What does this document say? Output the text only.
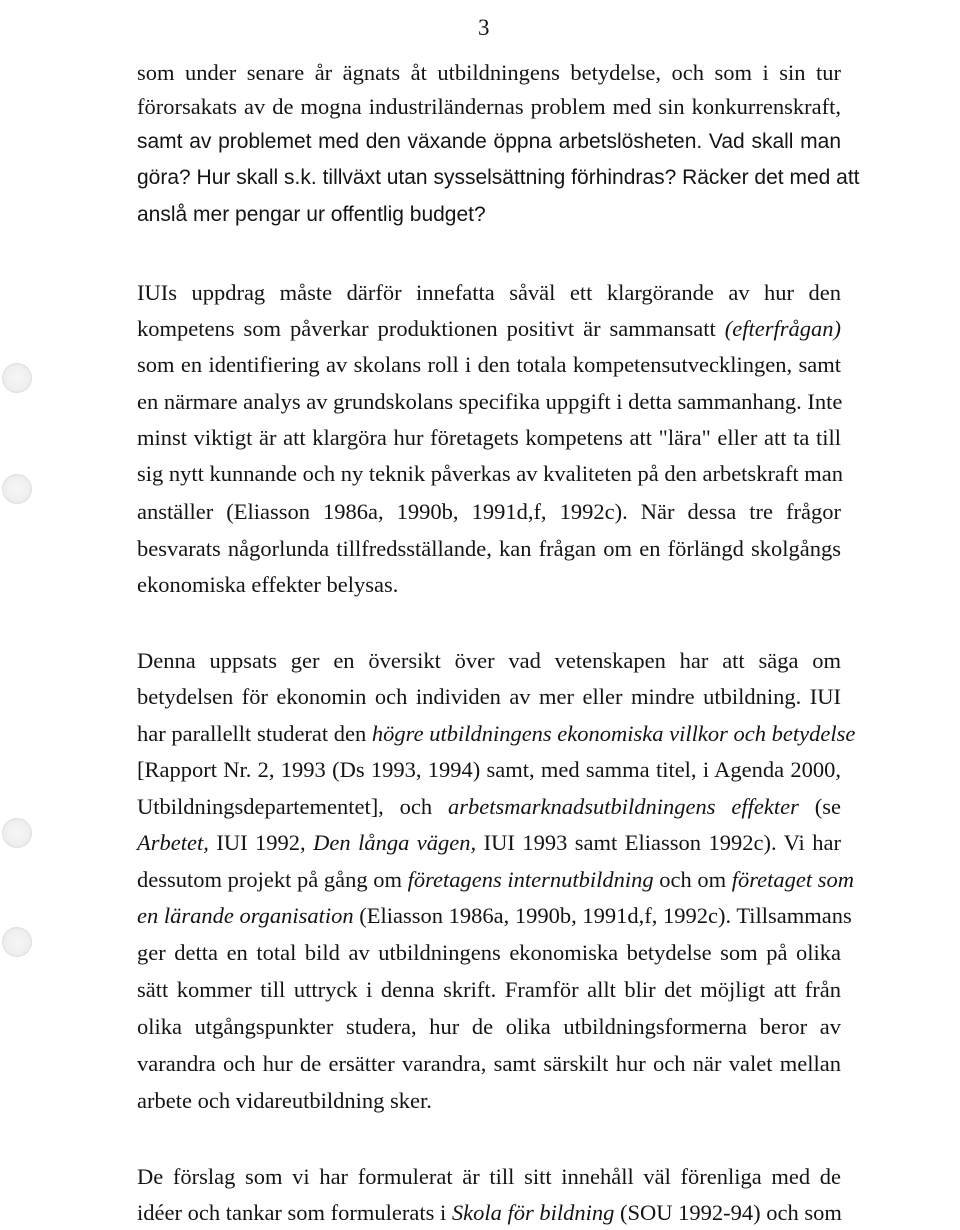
3
som under senare år ägnats åt utbildningens betydelse, och som i sin tur
förorsakats av de mogna industriländernas problem med sin konkurrenskraft,
samt av problemet med den växande öppna arbetslösheten. Vad skall man
göra? Hur skall s.k. tillväxt utan sysselsättning förhindras? Räcker det med att
anslå mer pengar ur offentlig budget?
IUIs uppdrag måste därför innefatta såväl ett klargörande av hur den
kompetens som påverkar produktionen positivt är sammansatt (efterfrågan)
som en identifiering av skolans roll i den totala kompetensutvecklingen, samt
en närmare analys av grundskolans specifika uppgift i detta sammanhang. Inte
minst viktigt är att klargöra hur företagets kompetens att "lära" eller att ta till
sig nytt kunnande och ny teknik påverkas av kvaliteten på den arbetskraft man
anställer (Eliasson 1986a, 1990b, 1991d,f, 1992c). När dessa tre frågor
besvarats någorlunda tillfredsställande, kan frågan om en förlängd skolgångs
ekonomiska effekter belysas.
Denna uppsats ger en översikt över vad vetenskapen har att säga om
betydelsen för ekonomin och individen av mer eller mindre utbildning. IUI
har parallellt studerat den högre utbildningens ekonomiska villkor och betydelse
[Rapport Nr. 2, 1993 (Ds 1993, 1994) samt, med samma titel, i Agenda 2000,
Utbildningsdepartementet], och arbetsmarknadsutbildningens effekter (se
Arbetet, IUI 1992, Den långa vägen, IUI 1993 samt Eliasson 1992c). Vi har
dessutom projekt på gång om företagens internutbildning och om företaget som
en lärande organisation (Eliasson 1986a, 1990b, 1991d,f, 1992c). Tillsammans
ger detta en total bild av utbildningens ekonomiska betydelse som på olika
sätt kommer till uttryck i denna skrift. Framför allt blir det möjligt att från
olika utgångspunkter studera, hur de olika utbildningsformerna beror av
varandra och hur de ersätter varandra, samt särskilt hur och när valet mellan
arbete och vidareutbildning sker.
De förslag som vi har formulerat är till sitt innehåll väl förenliga med de
idéer och tankar som formulerats i Skola för bildning (SOU 1992-94) och som
